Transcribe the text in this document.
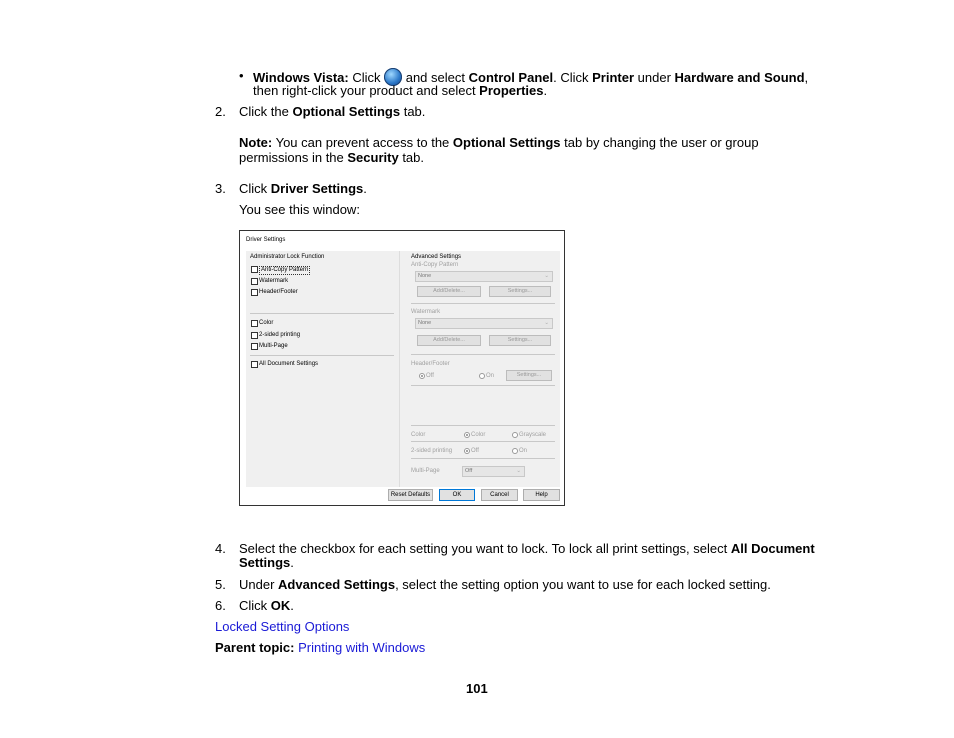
• Windows Vista: Click  and select Control Panel. Click Printer under Hardware and Sound,
then right-click your product and select Properties.
2. Click the Optional Settings tab.
Note: You can prevent access to the Optional Settings tab by changing the user or group
permissions in the Security tab.
3. Click Driver Settings.
You see this window:
Driver Settings
Administrator Lock Function
Anti-Copy Pattern
Watermark
Header/Footer
Color
2-sided printing
Multi-Page
All Document Settings
Advanced Settings
Anti-Copy Pattern
None	⌄
Add/Delete...	Settings...
Watermark
None	⌄
Add/Delete...	Settings...
Header/Footer
Off	On	Settings...
Color	Color	Grayscale
2-sided printing	Off	On
Multi-Page	Off	⌄
Reset Defaults	OK	Cancel	Help
4. Select the checkbox for each setting you want to lock. To lock all print settings, select All Document
Settings.
5. Under Advanced Settings, select the setting option you want to use for each locked setting.
6. Click OK.
Locked Setting Options
Parent topic: Printing with Windows
101
